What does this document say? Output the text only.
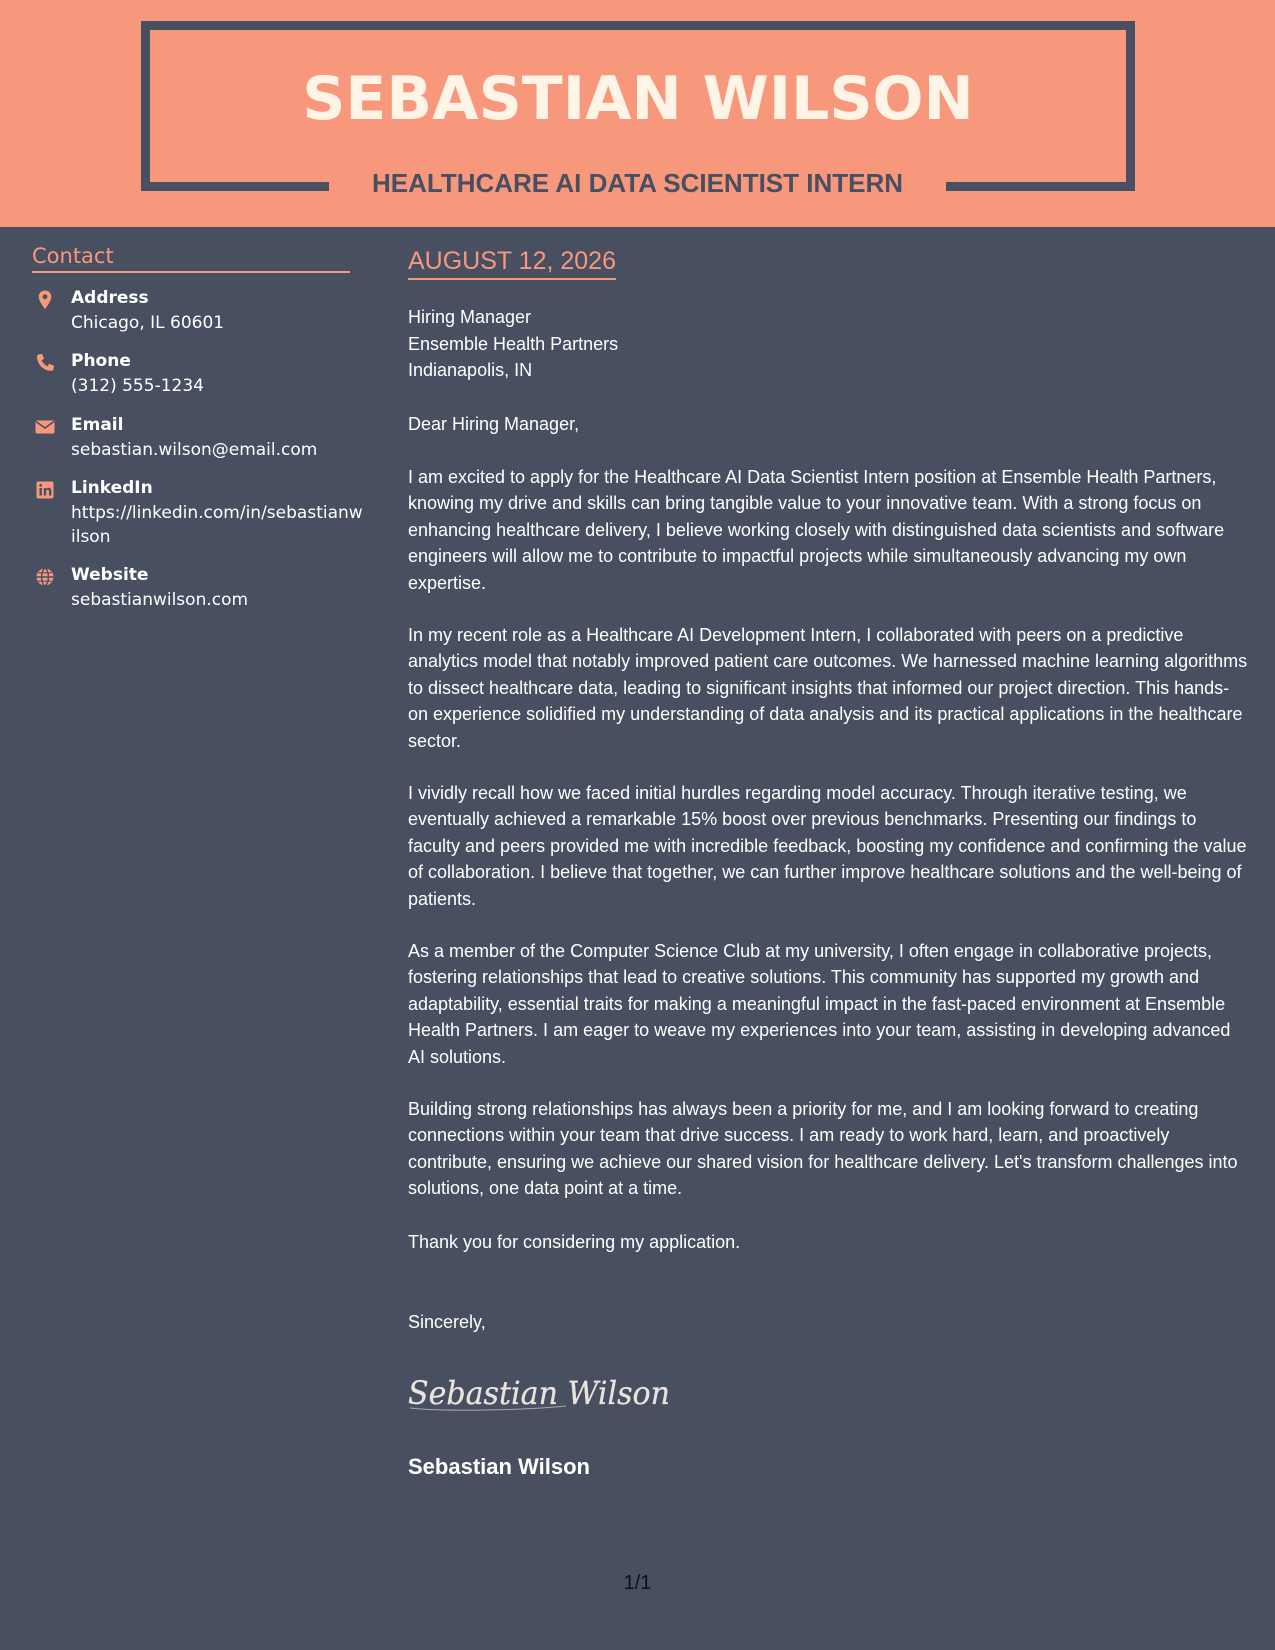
SEBASTIAN WILSON
HEALTHCARE AI DATA SCIENTIST INTERN
Contact
Address
Chicago, IL 60601
Phone
(312) 555-1234
Email
sebastian.wilson@email.com
LinkedIn
https://linkedin.com/in/sebastianwilson
Website
sebastianwilson.com
AUGUST 12, 2026
Hiring Manager
Ensemble Health Partners
Indianapolis, IN
Dear Hiring Manager,
I am excited to apply for the Healthcare AI Data Scientist Intern position at Ensemble Health Partners, knowing my drive and skills can bring tangible value to your innovative team. With a strong focus on enhancing healthcare delivery, I believe working closely with distinguished data scientists and software engineers will allow me to contribute to impactful projects while simultaneously advancing my own expertise.
In my recent role as a Healthcare AI Development Intern, I collaborated with peers on a predictive analytics model that notably improved patient care outcomes. We harnessed machine learning algorithms to dissect healthcare data, leading to significant insights that informed our project direction. This hands-on experience solidified my understanding of data analysis and its practical applications in the healthcare sector.
I vividly recall how we faced initial hurdles regarding model accuracy. Through iterative testing, we eventually achieved a remarkable 15% boost over previous benchmarks. Presenting our findings to faculty and peers provided me with incredible feedback, boosting my confidence and confirming the value of collaboration. I believe that together, we can further improve healthcare solutions and the well-being of patients.
As a member of the Computer Science Club at my university, I often engage in collaborative projects, fostering relationships that lead to creative solutions. This community has supported my growth and adaptability, essential traits for making a meaningful impact in the fast-paced environment at Ensemble Health Partners. I am eager to weave my experiences into your team, assisting in developing advanced AI solutions.
Building strong relationships has always been a priority for me, and I am looking forward to creating connections within your team that drive success. I am ready to work hard, learn, and proactively contribute, ensuring we achieve our shared vision for healthcare delivery. Let's transform challenges into solutions, one data point at a time.
Thank you for considering my application.
Sincerely,
Sebastian Wilson
Sebastian Wilson
1/1
